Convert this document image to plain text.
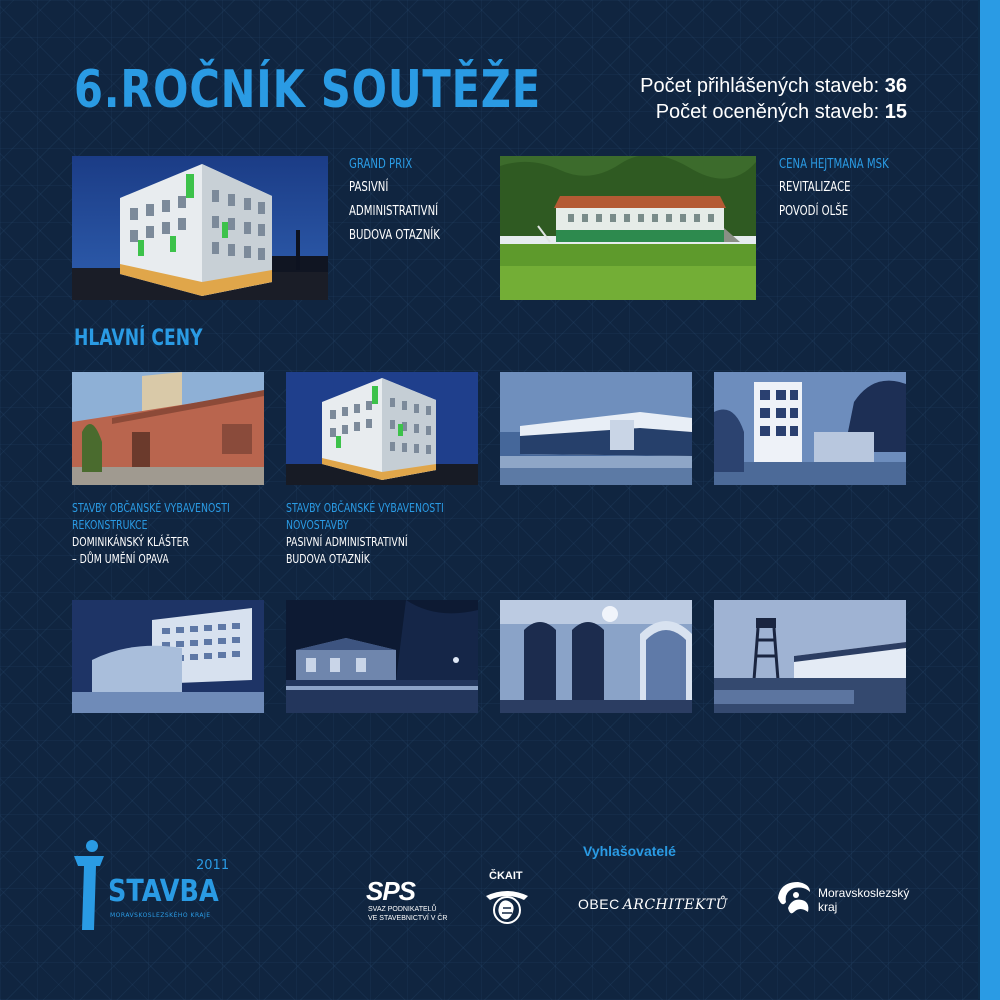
6.ROČNÍK SOUTĚŽE	Počet přihlášených staveb: 36
Počet oceněných staveb: 15
GRAND PRIX
PASIVNÍ
ADMINISTRATIVNÍ
BUDOVA OTAZNÍK
CENA HEJTMANA MSK
REVITALIZACE
POVODÍ OLŠE
HLAVNÍ CENY
STAVBY OBČANSKÉ VYBAVENOSTI
REKONSTRUKCE
DOMINIKÁNSKÝ KLÁŠTER
– DŮM UMĚNÍ OPAVA
STAVBY OBČANSKÉ VYBAVENOSTI
NOVOSTAVBY
PASIVNÍ ADMINISTRATIVNÍ
BUDOVA OTAZNÍK
Vyhlašovatelé
2011
STAVBA
MORAVSKOSLEZSKÉHO KRAJE
SPS
SVAZ PODNIKATELŮ
VE STAVEBNICTVÍ V ČR
ČKAIT
OBEC ARCHITEKTŮ
Moravskoslezský
kraj
